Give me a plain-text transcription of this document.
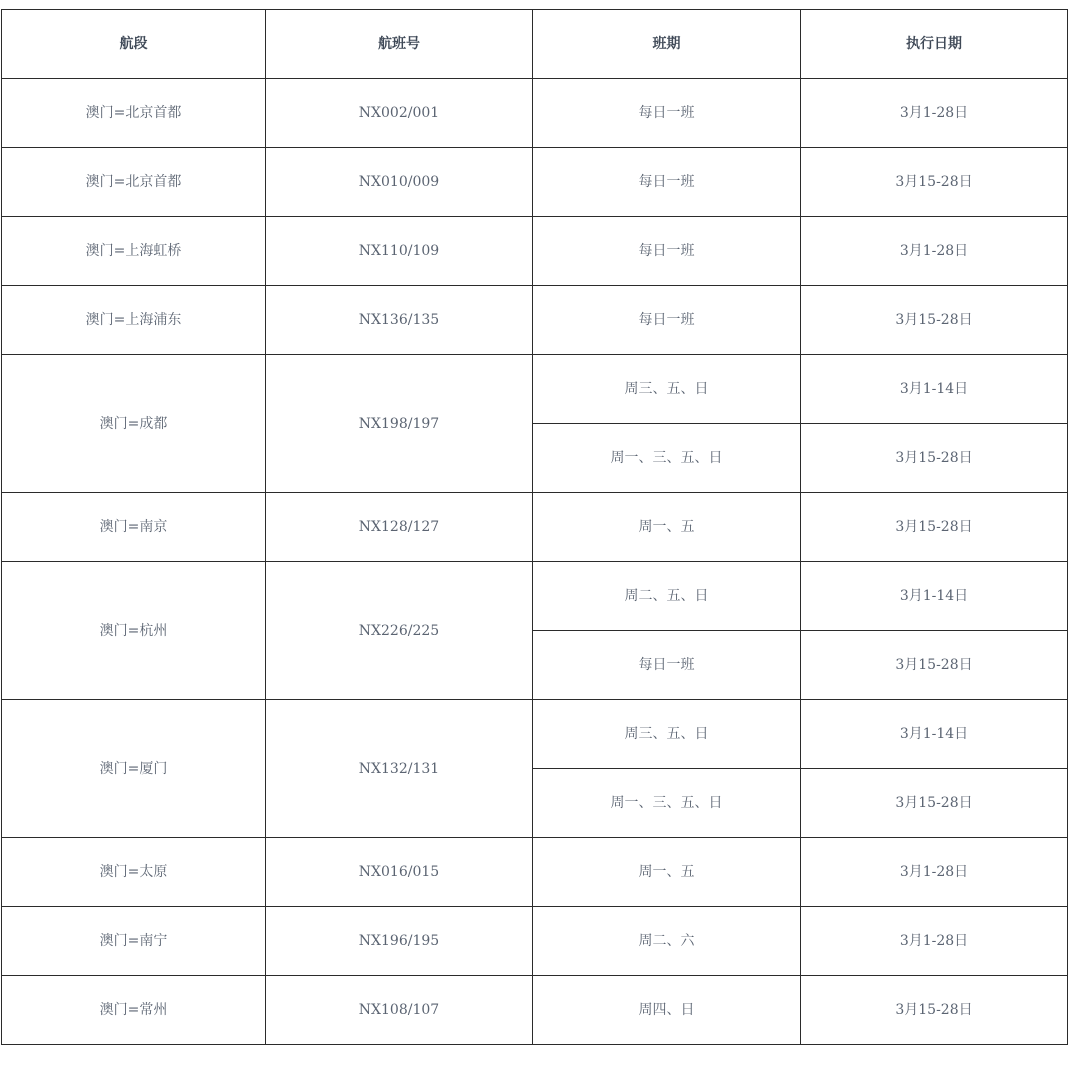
航段	航班号	班期	执行日期
澳门=北京首都	NX002/001	每日一班	3月1-28日
澳门=北京首都	NX010/009	每日一班	3月15-28日
澳门=上海虹桥	NX110/109	每日一班	3月1-28日
澳门=上海浦东	NX136/135	每日一班	3月15-28日
澳门=成都	NX198/197	周三、五、日	3月1-14日
		周一、三、五、日	3月15-28日
澳门=南京	NX128/127	周一、五	3月15-28日
澳门=杭州	NX226/225	周二、五、日	3月1-14日
		每日一班	3月15-28日
澳门=厦门	NX132/131	周三、五、日	3月1-14日
		周一、三、五、日	3月15-28日
澳门=太原	NX016/015	周一、五	3月1-28日
澳门=南宁	NX196/195	周二、六	3月1-28日
澳门=常州	NX108/107	周四、日	3月15-28日
